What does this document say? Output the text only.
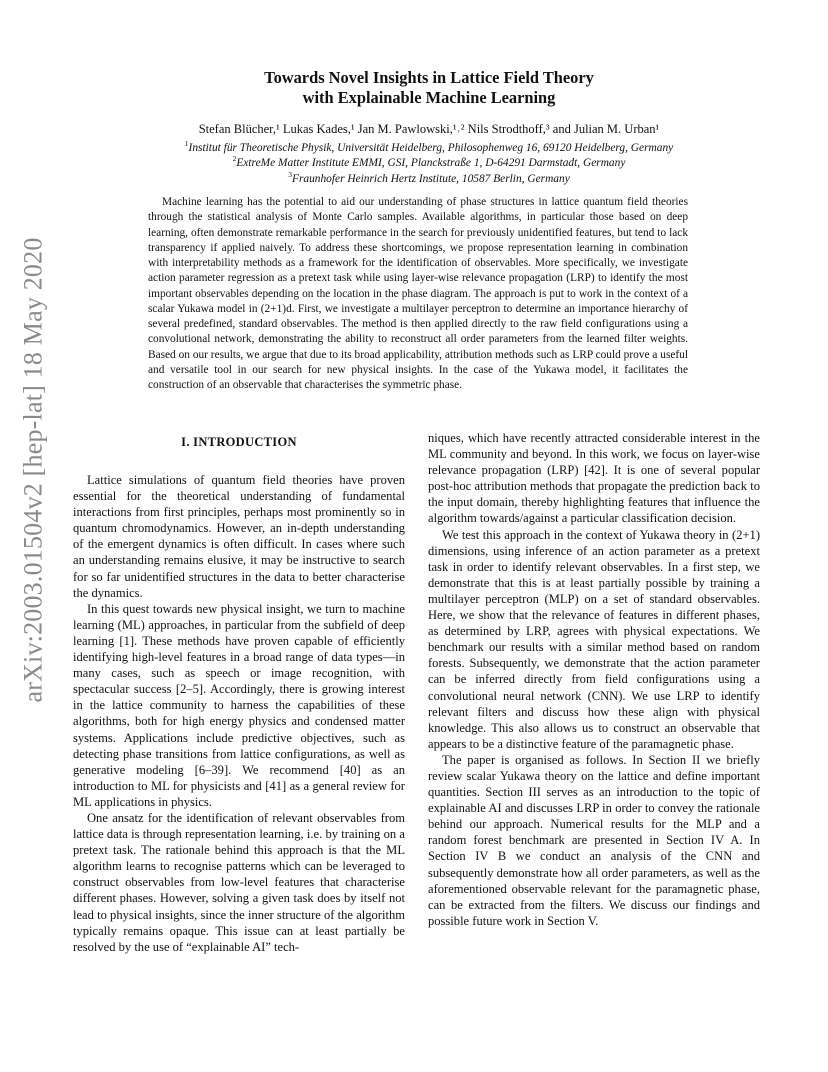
arXiv:2003.01504v2 [hep-lat] 18 May 2020
Towards Novel Insights in Lattice Field Theory
with Explainable Machine Learning
Stefan Blücher,¹ Lukas Kades,¹ Jan M. Pawlowski,¹˒² Nils Strodthoff,³ and Julian M. Urban¹
$^1$Institut für Theoretische Physik, Universität Heidelberg, Philosophenweg 16, 69120 Heidelberg, Germany
$^2$ExtreMe Matter Institute EMMI, GSI, Planckstraße 1, D-64291 Darmstadt, Germany
$^3$Fraunhofer Heinrich Hertz Institute, 10587 Berlin, Germany

Machine learning has the potential to aid our understanding of phase structures in lattice quantum field theories through the statistical analysis of Monte Carlo samples. Available algorithms, in particular those based on deep learning, often demonstrate remarkable performance in the search for previously unidentified features, but tend to lack transparency if applied naively. To address these shortcomings, we propose representation learning in combination with interpretability methods as a framework for the identification of observables. More specifically, we investigate action parameter regression as a pretext task while using layer-wise relevance propagation (LRP) to identify the most important observables depending on the location in the phase diagram. The approach is put to work in the context of a scalar Yukawa model in (2+1)d. First, we investigate a multilayer perceptron to determine an importance hierarchy of several predefined, standard observables. The method is then applied directly to the raw field configurations using a convolutional network, demonstrating the ability to reconstruct all order parameters from the learned filter weights. Based on our results, we argue that due to its broad applicability, attribution methods such as LRP could prove a useful and versatile tool in our search for new physical insights. In the case of the Yukawa model, it facilitates the construction of an observable that characterises the symmetric phase.

I. INTRODUCTION

Lattice simulations of quantum field theories have proven essential for the theoretical understanding of fundamental interactions from first principles, perhaps most prominently so in quantum chromodynamics. However, an in-depth understanding of the emergent dynamics is often difficult. In cases where such an understanding remains elusive, it may be instructive to search for so far unidentified structures in the data to better characterise the dynamics.

In this quest towards new physical insight, we turn to machine learning (ML) approaches, in particular from the subfield of deep learning [1]. These methods have proven capable of efficiently identifying high-level features in a broad range of data types—in many cases, such as speech or image recognition, with spectacular success [2–5]. Accordingly, there is growing interest in the lattice community to harness the capabilities of these algorithms, both for high energy physics and condensed matter systems. Applications include predictive objectives, such as detecting phase transitions from lattice configurations, as well as generative modeling [6–39]. We recommend [40] as an introduction to ML for physicists and [41] as a general review for ML applications in physics.

One ansatz for the identification of relevant observables from lattice data is through representation learning, i.e. by training on a pretext task. The rationale behind this approach is that the ML algorithm learns to recognise patterns which can be leveraged to construct observables from low-level features that characterise different phases. However, solving a given task does by itself not lead to physical insights, since the inner structure of the algorithm typically remains opaque. This issue can at least partially be resolved by the use of “explainable AI” tech-

niques, which have recently attracted considerable interest in the ML community and beyond. In this work, we focus on layer-wise relevance propagation (LRP) [42]. It is one of several popular post-hoc attribution methods that propagate the prediction back to the input domain, thereby highlighting features that influence the algorithm towards/against a particular classification decision.

We test this approach in the context of Yukawa theory in (2+1) dimensions, using inference of an action parameter as a pretext task in order to identify relevant observables. In a first step, we demonstrate that this is at least partially possible by training a multilayer perceptron (MLP) on a set of standard observables. Here, we show that the relevance of features in different phases, as determined by LRP, agrees with physical expectations. We benchmark our results with a similar method based on random forests. Subsequently, we demonstrate that the action parameter can be inferred directly from field configurations using a convolutional neural network (CNN). We use LRP to identify relevant filters and discuss how these align with physical knowledge. This also allows us to construct an observable that appears to be a distinctive feature of the paramagnetic phase.

The paper is organised as follows. In Section II we briefly review scalar Yukawa theory on the lattice and define important quantities. Section III serves as an introduction to the topic of explainable AI and discusses LRP in order to convey the rationale behind our approach. Numerical results for the MLP and a random forest benchmark are presented in Section IV A. In Section IV B we conduct an analysis of the CNN and subsequently demonstrate how all order parameters, as well as the aforementioned observable relevant for the paramagnetic phase, can be extracted from the filters. We discuss our findings and possible future work in Section V.
